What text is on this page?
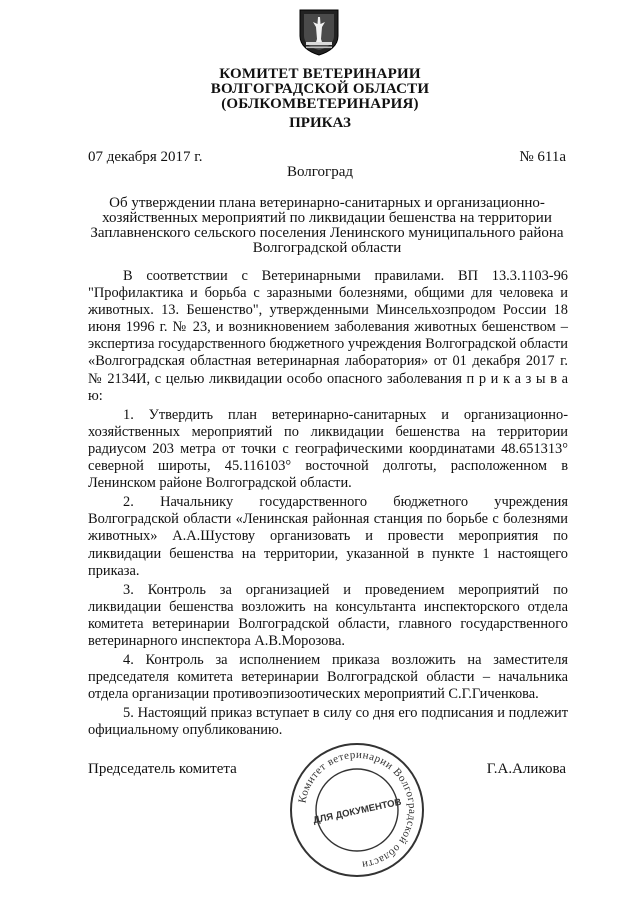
КОМИТЕТ ВЕТЕРИНАРИИ
ВОЛГОГРАДСКОЙ ОБЛАСТИ
(ОБЛКОМВЕТЕРИНАРИЯ)
ПРИКАЗ
07 декабря 2017 г.	№ 611а
Волгоград
Об утверждении плана ветеринарно-санитарных и организационно-
хозяйственных мероприятий по ликвидации бешенства на территории
Заплавненского сельского поселения Ленинского муниципального района
Волгоградской области

В соответствии с Ветеринарными правилами. ВП 13.3.1103-96 "Профилактика и борьба с заразными болезнями, общими для человека и животных. 13. Бешенство", утвержденными Минсельхозпродом России 18 июня 1996 г. № 23, и возникновением заболевания животных бешенством – экспертиза государственного бюджетного учреждения Волгоградской области «Волгоградская областная ветеринарная лаборатория» от 01 декабря 2017 г. № 2134И, с целью ликвидации особо опасного заболевания п р и к а з ы в а ю:

1. Утвердить план ветеринарно-санитарных и организационно-хозяйственных мероприятий по ликвидации бешенства на территории радиусом 203 метра от точки с географическими координатами 48.651313° северной широты, 45.116103° восточной долготы, расположенном в Ленинском районе Волгоградской области.

2. Начальнику государственного бюджетного учреждения Волгоградской области «Ленинская районная станция по борьбе с болезнями животных» А.А.Шустову организовать и провести мероприятия по ликвидации бешенства на территории, указанной в пункте 1 настоящего приказа.

3. Контроль за организацией и проведением мероприятий по ликвидации бешенства возложить на консультанта инспекторского отдела комитета ветеринарии Волгоградской области, главного государственного ветеринарного инспектора А.В.Морозова.

4. Контроль за исполнением приказа возложить на заместителя председателя комитета ветеринарии Волгоградской области – начальника отдела организации противоэпизоотических мероприятий С.Г.Гиченкова.

5. Настоящий приказ вступает в силу со дня его подписания и подлежит официальному опубликованию.

Председатель комитета	Г.А.Аликова
Комитет ветеринарии Волгоградской области
ДЛЯ ДОКУМЕНТОВ
